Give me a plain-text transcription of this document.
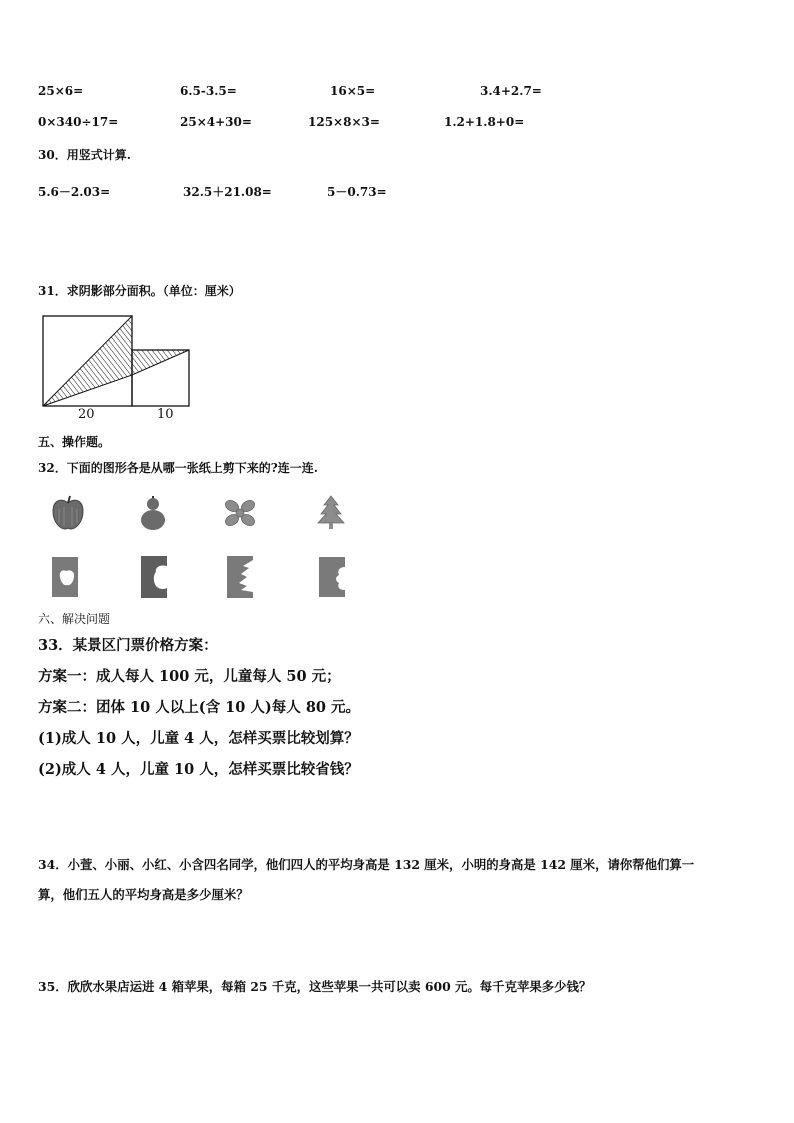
25×6=	6.5-3.5=	16×5=	3.4+2.7=
0×340÷17=	25×4+30=	125×8×3=	1.2+1.8+0=
30．用竖式计算.
5.6－2.03=	32.5＋21.08=	5－0.73=
31．求阴影部分面积。（单位：厘米）
20	10
五、操作题。
32．下面的图形各是从哪一张纸上剪下来的?连一连.
六、解决问题
33．某景区门票价格方案：
方案一：成人每人 100 元，儿童每人 50 元；
方案二：团体 10 人以上(含 10 人)每人 80 元。
(1)成人 10 人，儿童 4 人，怎样买票比较划算？
(2)成人 4 人，儿童 10 人，怎样买票比较省钱？
34．小萱、小丽、小红、小含四名同学，他们四人的平均身高是 132 厘米，小明的身高是 142 厘米，请你帮他们算一
算，他们五人的平均身高是多少厘米？
35．欣欣水果店运进 4 箱苹果，每箱 25 千克，这些苹果一共可以卖 600 元。每千克苹果多少钱？
